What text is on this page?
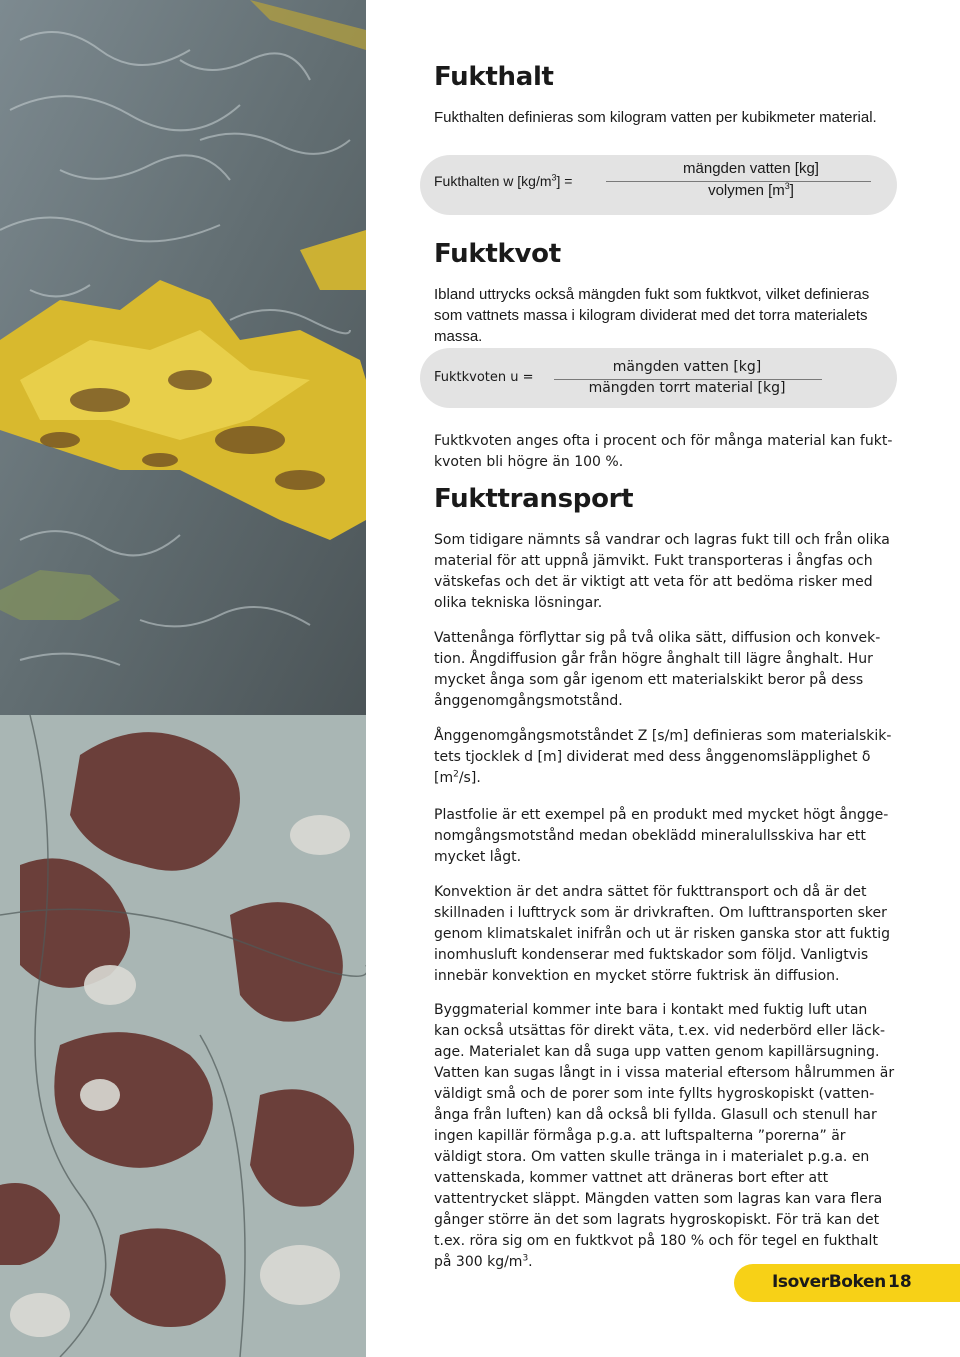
Fukthalt

Fukthalten definieras som kilogram vatten per kubikmeter material.

Fukthalten w $[kg/m^3]$ =
mängden vatten [kg]
volymen $[m^3]$
Fuktkvot

Ibland uttrycks också mängden fukt som fuktkvot, vilket definieras som vattnets massa i kilogram dividerat med det torra materialets massa.

Fuktkvoten u =
mängden vatten [kg]
mängden torrt material [kg]

Fuktkvoten anges ofta i procent och för många material kan fuktkvoten bli högre än 100 %.

Fukttransport

Som tidigare nämnts så vandrar och lagras fukt till och från olika material för att uppnå jämvikt. Fukt transporteras i ångfas och vätskefas och det är viktigt att veta för att bedöma risker med olika tekniska lösningar.

Vattenånga förflyttar sig på två olika sätt, diffusion och konvektion. Ångdiffusion går från högre ånghalt till lägre ånghalt. Hur mycket ånga som går igenom ett materialskikt beror på dess ånggenomgångsmotstånd.

Ånggenomgångsmotståndet Z [s/m] definieras som materialskiktets tjocklek d [m] dividerat med dess ånggenomsläpplighet δ $[m^2/s]$.

Plastfolie är ett exempel på en produkt med mycket högt ånggenomgångsmotstånd medan obeklädd mineralullsskiva har ett mycket lågt.

Konvektion är det andra sättet för fukttransport och då är det skillnaden i lufttryck som är drivkraften. Om lufttransporten sker genom klimatskalet inifrån och ut är risken ganska stor att fuktig inomhusluft kondenserar med fuktskador som följd. Vanligtvis innebär konvektion en mycket större fuktrisk än diffusion.

Byggmaterial kommer inte bara i kontakt med fuktig luft utan kan också utsättas för direkt väta, t.ex. vid nederbörd eller läckage. Materialet kan då suga upp vatten genom kapillärsugning. Vatten kan sugas långt in i vissa material eftersom hålrummen är väldigt små och de porer som inte fyllts hygroskopiskt (vattenånga från luften) kan då också bli fyllda. Glasull och stenull har ingen kapillär förmåga p.g.a. att luftspalterna ”porerna” är väldigt stora. Om vatten skulle tränga in i materialet p.g.a. en vattenskada, kommer vattnet att dräneras bort efter att vattentrycket släppt. Mängden vatten som lagras kan vara flera gånger större än det som lagrats hygroskopiskt. För trä kan det t.ex. röra sig om en fuktkvot på 180 % och för tegel en fukthalt på 300 $kg/m^3$.

IsoverBoken 18
